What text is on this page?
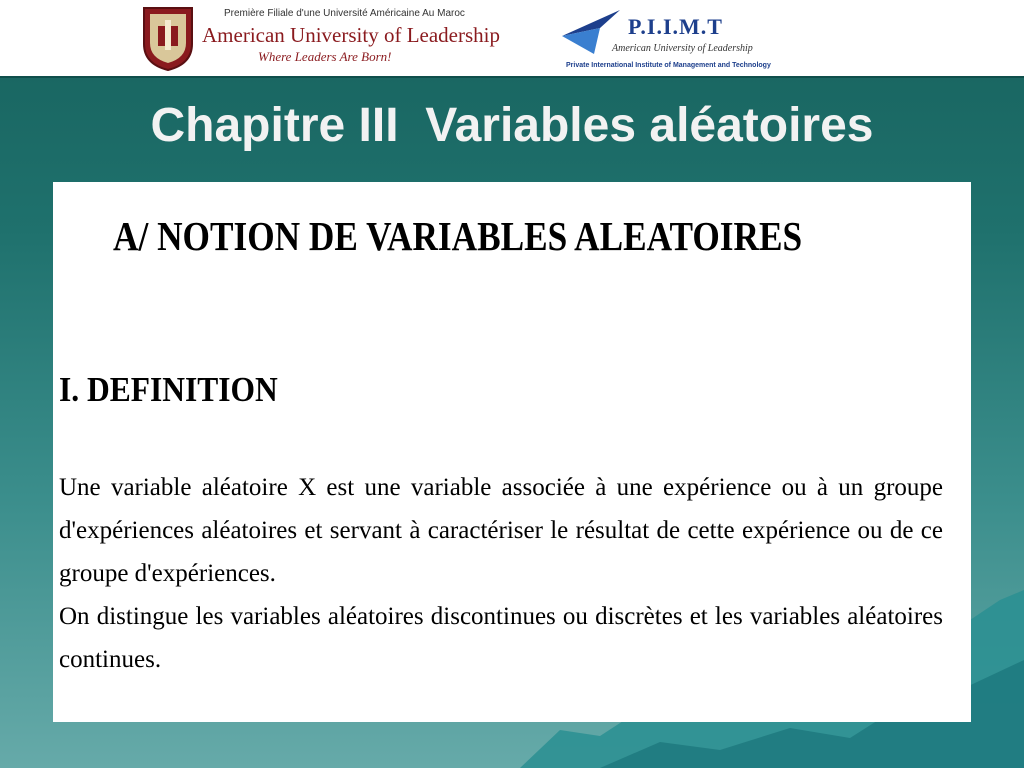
Première Filiale d'une Université Américaine Au Maroc
American University of Leadership
Where Leaders Are Born!
P.I.I.M.T
American University of Leadership
Private International Institute of Management and Technology
Chapitre III  Variables aléatoires
A/ NOTION DE VARIABLES ALEATOIRES
I. DEFINITION
Une variable aléatoire X est une variable associée à une expérience ou à un groupe d'expériences aléatoires et servant à caractériser le résultat de cette expérience ou de ce groupe d'expériences.
On distingue les variables aléatoires discontinues ou discrètes et les variables aléatoires continues.
